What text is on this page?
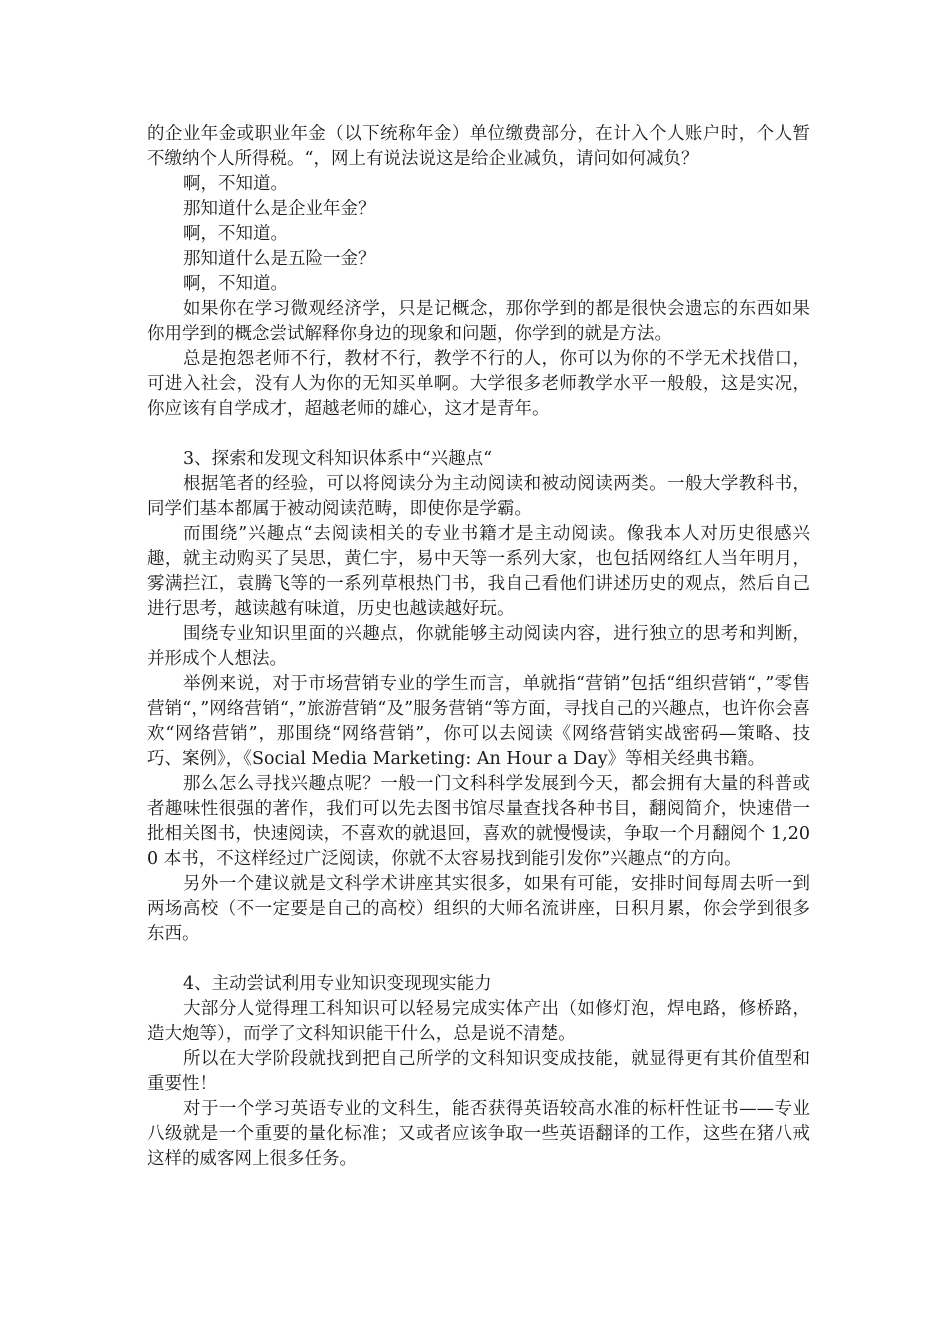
的企业年金或职业年金（以下统称年金）单位缴费部分，在计入个人账户时，个人暂不缴纳个人所得税。“，网上有说法说这是给企业减负，请问如何减负？

啊，不知道。

那知道什么是企业年金？

啊，不知道。

那知道什么是五险一金？

啊，不知道。

如果你在学习微观经济学，只是记概念，那你学到的都是很快会遗忘的东西如果你用学到的概念尝试解释你身边的现象和问题，你学到的就是方法。

总是抱怨老师不行，教材不行，教学不行的人，你可以为你的不学无术找借口，可进入社会，没有人为你的无知买单啊。大学很多老师教学水平一般般，这是实况，你应该有自学成才，超越老师的雄心，这才是青年。

3、探索和发现文科知识体系中“兴趣点“

根据笔者的经验，可以将阅读分为主动阅读和被动阅读两类。一般大学教科书，同学们基本都属于被动阅读范畴，即使你是学霸。

而围绕”兴趣点“去阅读相关的专业书籍才是主动阅读。像我本人对历史很感兴趣，就主动购买了吴思，黄仁宇，易中天等一系列大家，也包括网络红人当年明月，雾满拦江，袁腾飞等的一系列草根热门书，我自己看他们讲述历史的观点，然后自己进行思考，越读越有味道，历史也越读越好玩。

围绕专业知识里面的兴趣点，你就能够主动阅读内容，进行独立的思考和判断，并形成个人想法。

举例来说，对于市场营销专业的学生而言，单就指“营销”包括“组织营销“，”零售营销“，”网络营销“，”旅游营销“及”服务营销“等方面，寻找自己的兴趣点，也许你会喜欢“网络营销”，那围绕“网络营销”，你可以去阅读《网络营销实战密码—策略、技巧、案例》，《Social Media Marketing: An Hour a Day》等相关经典书籍。

那么怎么寻找兴趣点呢？一般一门文科科学发展到今天，都会拥有大量的科普或者趣味性很强的著作，我们可以先去图书馆尽量查找各种书目，翻阅简介，快速借一批相关图书，快速阅读，不喜欢的就退回，喜欢的就慢慢读，争取一个月翻阅个 1,200 本书，不这样经过广泛阅读，你就不太容易找到能引发你”兴趣点“的方向。

另外一个建议就是文科学术讲座其实很多，如果有可能，安排时间每周去听一到两场高校（不一定要是自己的高校）组织的大师名流讲座，日积月累，你会学到很多东西。

4、主动尝试利用专业知识变现现实能力

大部分人觉得理工科知识可以轻易完成实体产出（如修灯泡，焊电路，修桥路，造大炮等），而学了文科知识能干什么，总是说不清楚。

所以在大学阶段就找到把自己所学的文科知识变成技能，就显得更有其价值型和重要性！

对于一个学习英语专业的文科生，能否获得英语较高水准的标杆性证书——专业八级就是一个重要的量化标准；又或者应该争取一些英语翻译的工作，这些在猪八戒这样的威客网上很多任务。
